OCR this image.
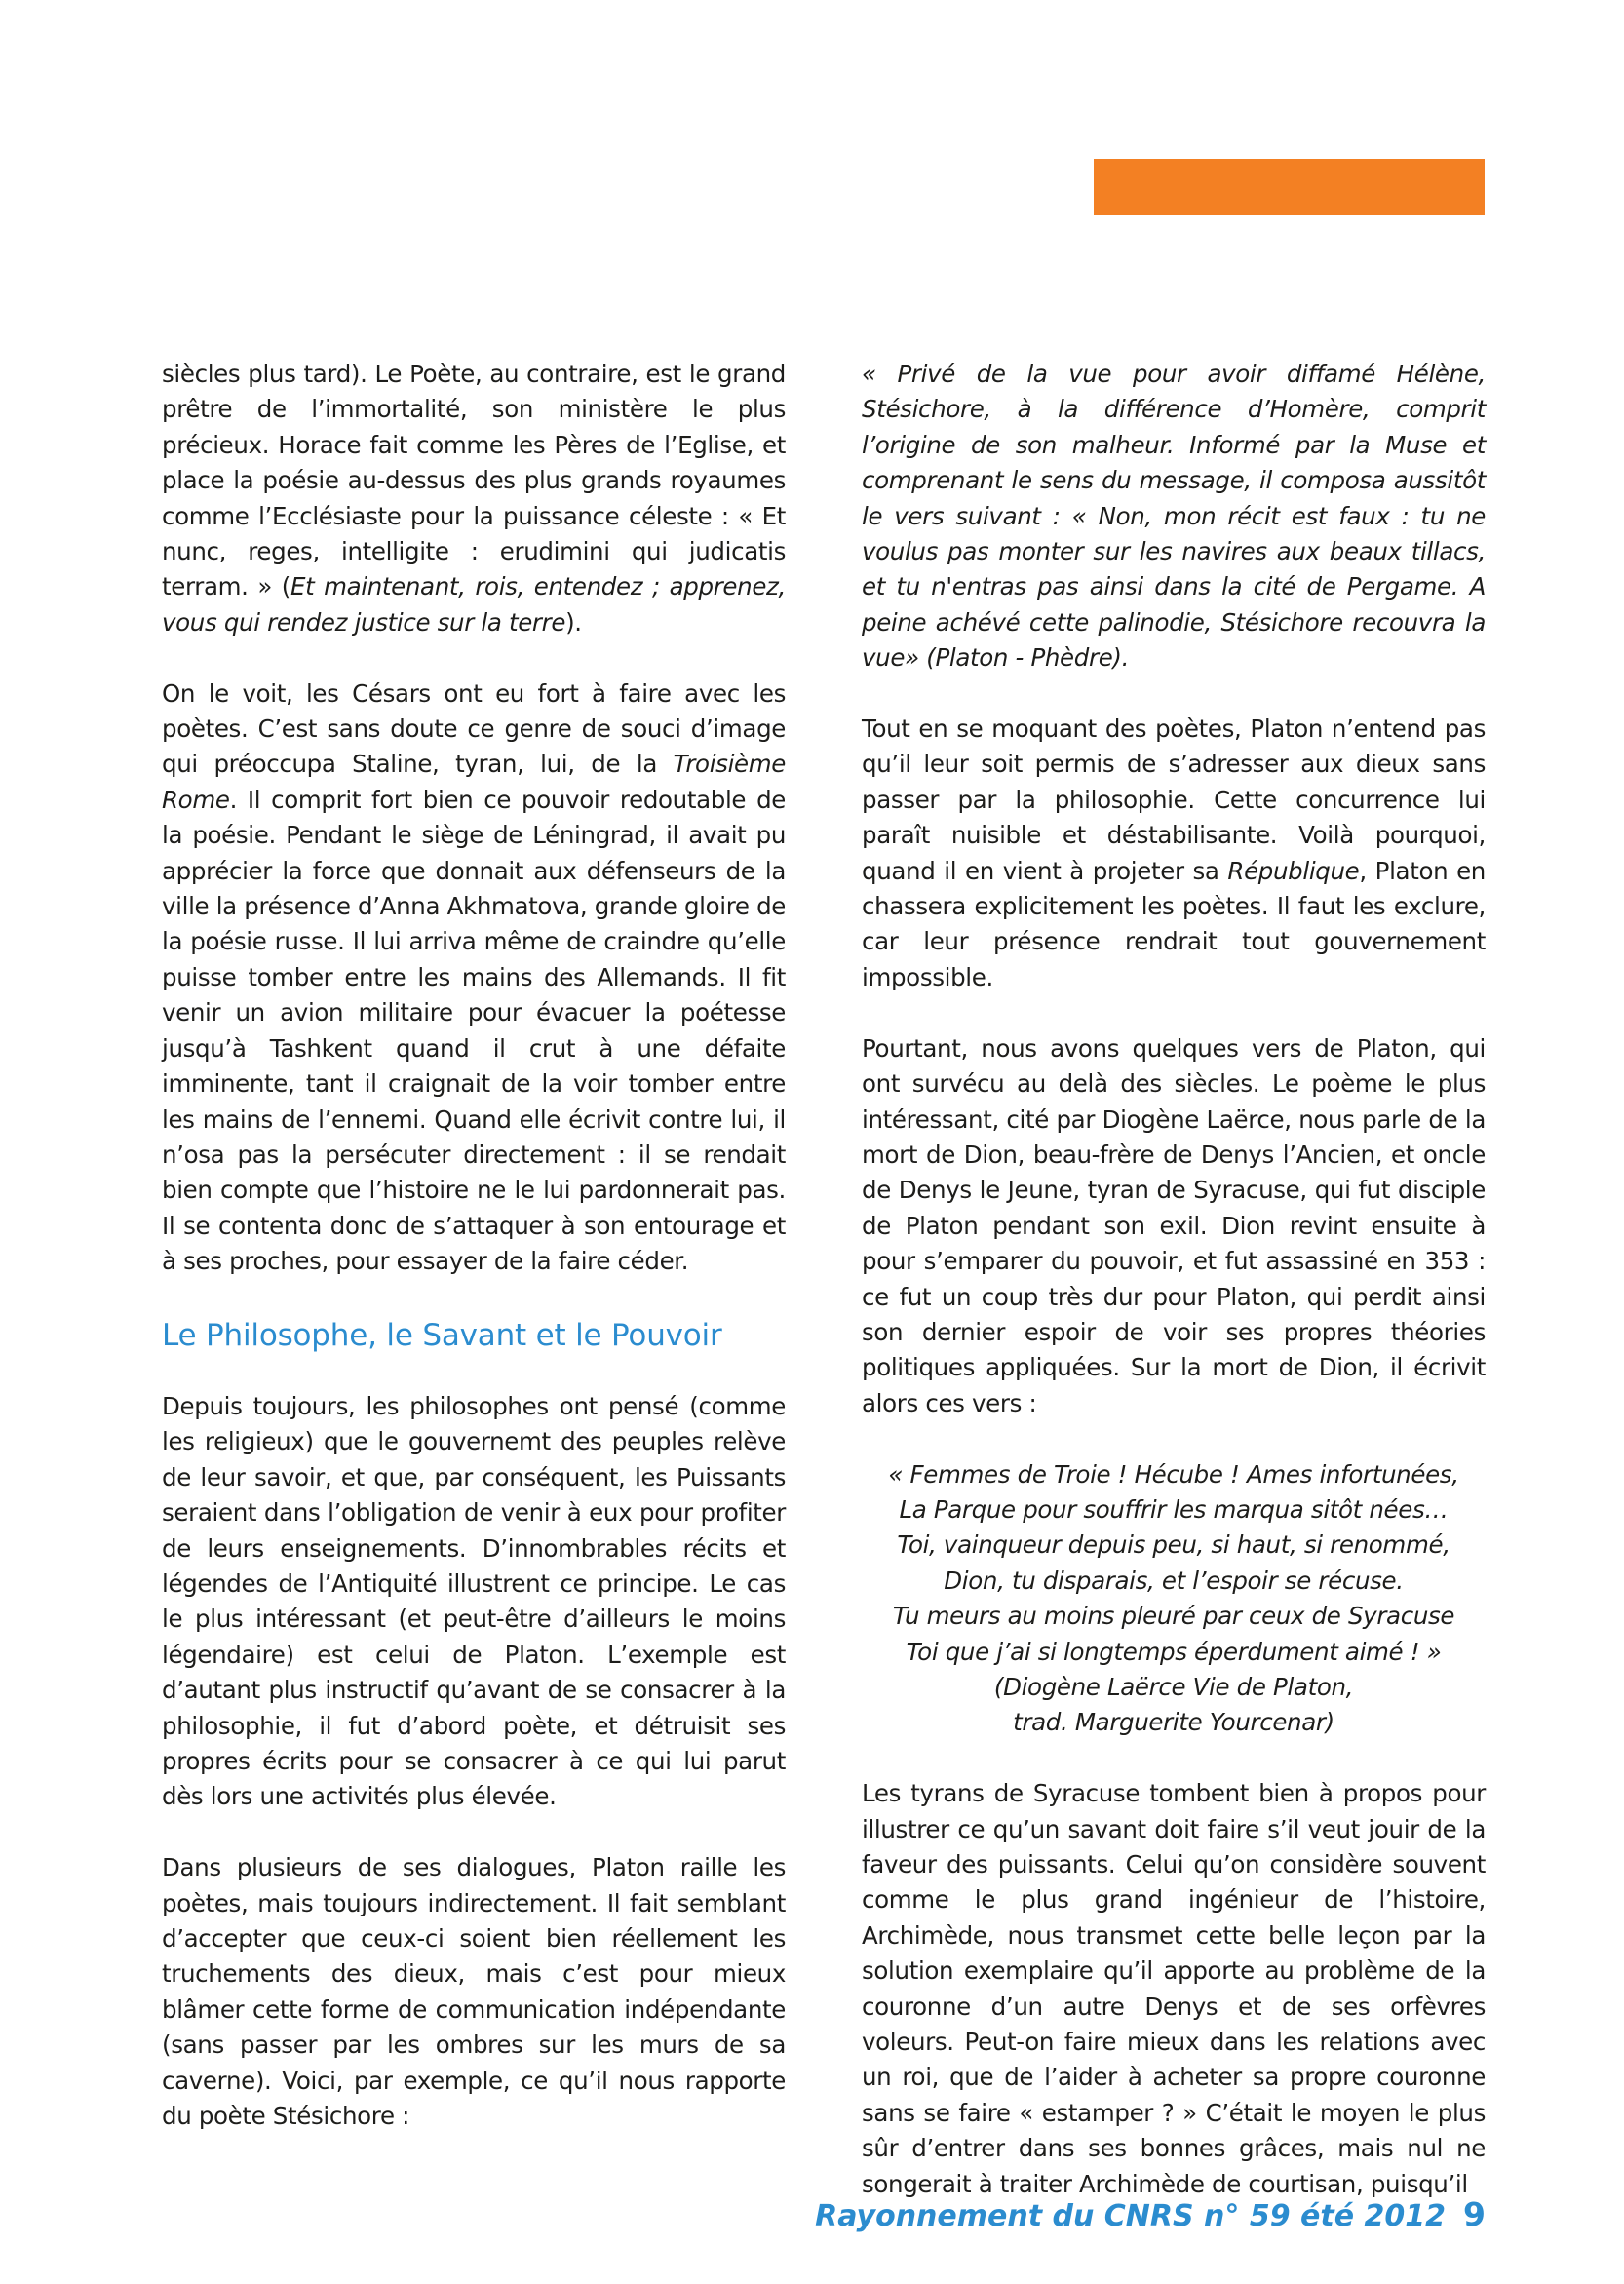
siècles plus tard). Le Poète, au contraire, est le grand prêtre de l’immortalité, son ministère le plus précieux. Horace fait comme les Pères de l’Eglise, et place la poésie au-dessus des plus grands royaumes comme l’Ecclésiaste pour la puissance céleste : « Et nunc, reges, intelligite : erudimini qui judicatis terram. » (Et maintenant, rois, entendez ; apprenez, vous qui rendez justice sur la terre).

On le voit, les Césars ont eu fort à faire avec les poètes. C’est sans doute ce genre de souci d’image qui préoccupa Staline, tyran, lui, de la Troisième Rome. Il comprit fort bien ce pouvoir redoutable de la poésie. Pendant le siège de Léningrad, il avait pu apprécier la force que donnait aux défenseurs de la ville la présence d’Anna Akhmatova, grande gloire de la poésie russe. Il lui arriva même de craindre qu’elle puisse tomber entre les mains des Allemands. Il fit venir un avion militaire pour évacuer la poétesse jusqu’à Tashkent quand il crut à une défaite imminente, tant il craignait de la voir tomber entre les mains de l’ennemi. Quand elle écrivit contre lui, il n’osa pas la persécuter directement : il se rendait bien compte que l’histoire ne le lui pardonnerait pas. Il se contenta donc de s’attaquer à son entourage et à ses proches, pour essayer de la faire céder.

Le Philosophe, le Savant et le Pouvoir

Depuis toujours, les philosophes ont pensé (comme les religieux) que le gouvernemt des peuples relève de leur savoir, et que, par conséquent, les Puissants seraient dans l’obligation de venir à eux pour profiter de leurs enseignements. D’innombrables récits et légendes de l’Antiquité illustrent ce principe. Le cas le plus intéressant (et peut-être d’ailleurs le moins légendaire) est celui de Platon. L’exemple est d’autant plus instructif qu’avant de se consacrer à la philosophie, il fut d’abord poète, et détruisit ses propres écrits pour se consacrer à ce qui lui parut dès lors une activités plus élevée.

Dans plusieurs de ses dialogues, Platon raille les poètes, mais toujours indirectement. Il fait semblant d’accepter que ceux-ci soient bien réellement les truchements des dieux, mais c’est pour mieux blâmer cette forme de communication indépendante (sans passer par les ombres sur les murs de sa caverne). Voici, par exemple, ce qu’il nous rapporte du poète Stésichore :

« Privé de la vue pour avoir diffamé Hélène, Stésichore, à la différence d’Homère, comprit l’origine de son malheur. Informé par la Muse et comprenant le sens du message, il composa aussitôt le vers suivant : « Non, mon récit est faux : tu ne voulus pas monter sur les navires aux beaux tillacs, et tu n'entras pas ainsi dans la cité de Pergame. A peine achévé cette palinodie, Stésichore recouvra la vue» (Platon - Phèdre).

Tout en se moquant des poètes, Platon n’entend pas qu’il leur soit permis de s’adresser aux dieux sans passer par la philosophie. Cette concurrence lui paraît nuisible et déstabilisante. Voilà pourquoi, quand il en vient à projeter sa République, Platon en chassera explicitement les poètes. Il faut les exclure, car leur présence rendrait tout gouvernement impossible.

Pourtant, nous avons quelques vers de Platon, qui ont survécu au delà des siècles. Le poème le plus intéressant, cité par Diogène Laërce, nous parle de la mort de Dion, beau-frère de Denys l’Ancien, et oncle de Denys le Jeune, tyran de Syracuse, qui fut disciple de Platon pendant son exil. Dion revint ensuite à pour s’emparer du pouvoir, et fut assassiné en 353 : ce fut un coup très dur pour Platon, qui perdit ainsi son dernier espoir de voir ses propres théories politiques appliquées. Sur la mort de Dion, il écrivit alors ces vers :

« Femmes de Troie ! Hécube ! Ames infortunées,
La Parque pour souffrir les marqua sitôt nées…
Toi, vainqueur depuis peu, si haut, si renommé,
Dion, tu disparais, et l’espoir se récuse.
Tu meurs au moins pleuré par ceux de Syracuse
Toi que j’ai si longtemps éperdument aimé ! »
(Diogène Laërce Vie de Platon,
trad. Marguerite Yourcenar)

Les tyrans de Syracuse tombent bien à propos pour illustrer ce qu’un savant doit faire s’il veut jouir de la faveur des puissants. Celui qu’on considère souvent comme le plus grand ingénieur de l’histoire, Archimède, nous transmet cette belle leçon par la solution exemplaire qu’il apporte au problème de la couronne d’un autre Denys et de ses orfèvres voleurs. Peut-on faire mieux dans les relations avec un roi, que de l’aider à acheter sa propre couronne sans se faire « estamper ? » C’était le moyen le plus sûr d’entrer dans ses bonnes grâces, mais nul ne songerait à traiter Archimède de courtisan, puisqu’il

Rayonnement du CNRS n° 59 été 2012 9
